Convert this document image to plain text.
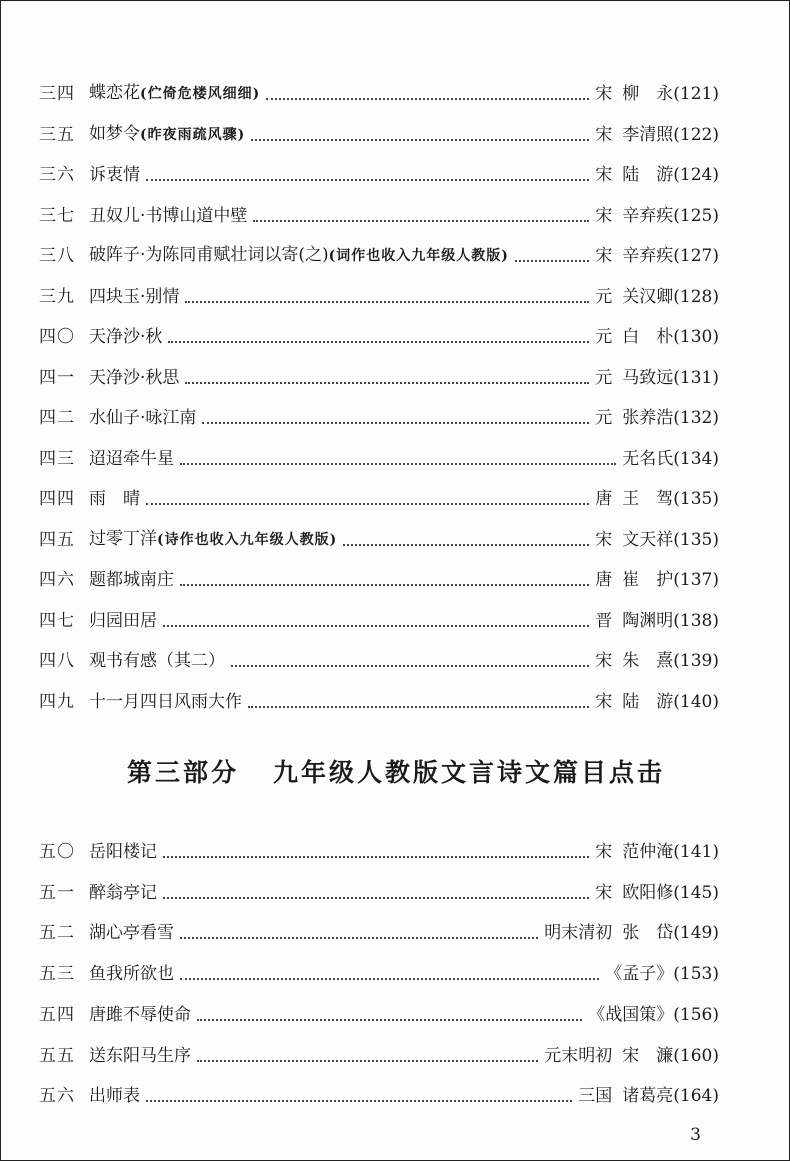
三四 蝶恋花(伫倚危楼风细细)	宋 柳　永(121)
三五 如梦令(昨夜雨疏风骤)	宋 李清照(122)
三六 诉衷情	宋 陆　游(124)
三七 丑奴儿·书博山道中壁	宋 辛弃疾(125)
三八 破阵子·为陈同甫赋壮词以寄(之)(词作也收入九年级人教版)	宋 辛弃疾(127)
三九 四块玉·别情	元 关汉卿(128)
四〇 天净沙·秋	元 白　朴(130)
四一 天净沙·秋思	元 马致远(131)
四二 水仙子·咏江南	元 张养浩(132)
四三 迢迢牵牛星	无名氏(134)
四四 雨　晴	唐 王　驾(135)
四五 过零丁洋(诗作也收入九年级人教版)	宋 文天祥(135)
四六 题都城南庄	唐 崔　护(137)
四七 归园田居	晋 陶渊明(138)
四八 观书有感（其二）	宋 朱　熹(139)
四九 十一月四日风雨大作	宋 陆　游(140)
第三部分 九年级人教版文言诗文篇目点击
五〇 岳阳楼记	宋 范仲淹(141)
五一 醉翁亭记	宋 欧阳修(145)
五二 湖心亭看雪	明末清初 张　岱(149)
五三 鱼我所欲也	《孟子》(153)
五四 唐雎不辱使命	《战国策》(156)
五五 送东阳马生序	元末明初 宋　濂(160)
五六 出师表	三国 诸葛亮(164)
3
